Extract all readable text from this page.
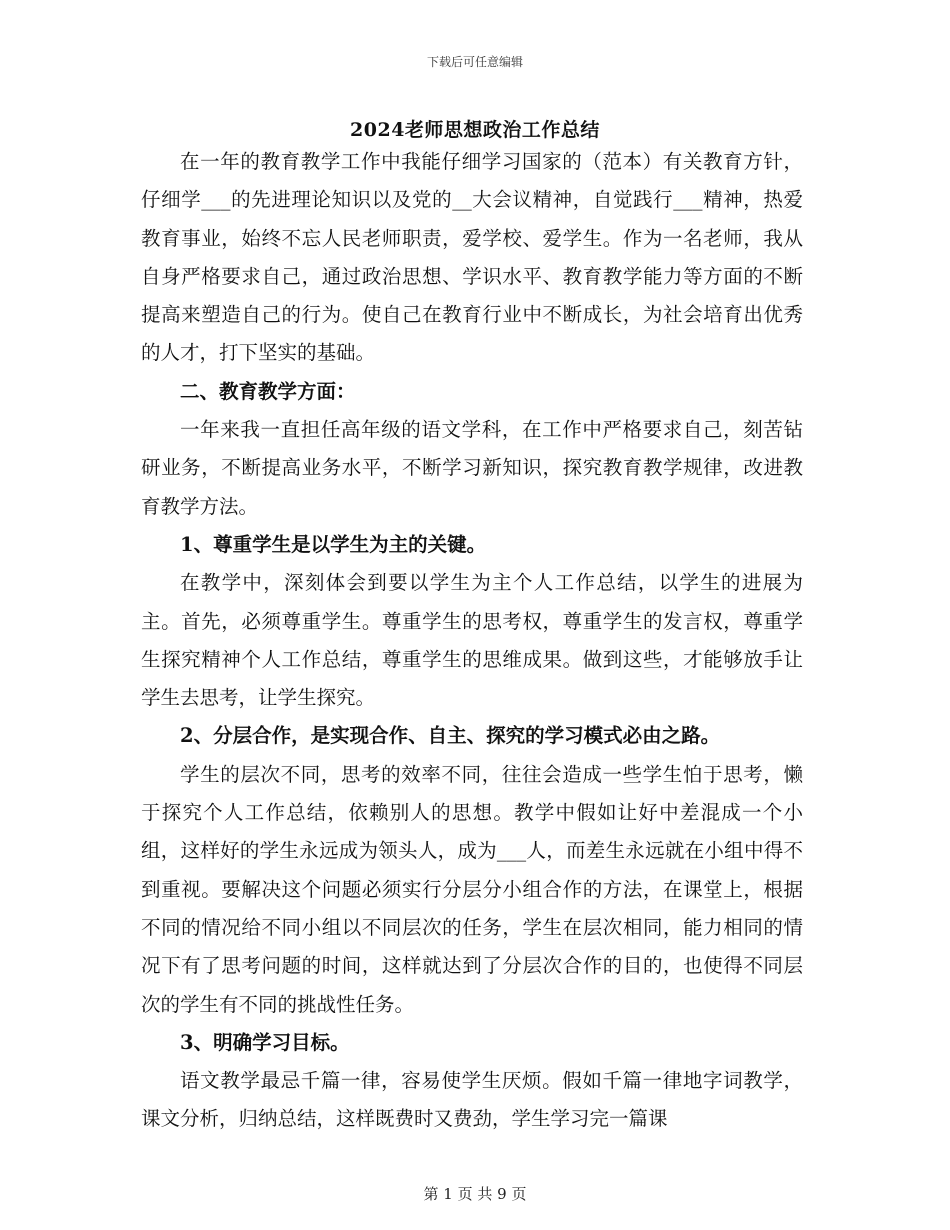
下载后可任意编辑
2024老师思想政治工作总结

在一年的教育教学工作中我能仔细学习国家的（范本）有关教育方针，仔细学___的先进理论知识以及党的__大会议精神，自觉践行___精神，热爱教育事业，始终不忘人民老师职责，爱学校、爱学生。作为一名老师，我从自身严格要求自己，通过政治思想、学识水平、教育教学能力等方面的不断提高来塑造自己的行为。使自己在教育行业中不断成长，为社会培育出优秀的人才，打下坚实的基础。

二、教育教学方面：

一年来我一直担任高年级的语文学科，在工作中严格要求自己，刻苦钻研业务，不断提高业务水平，不断学习新知识，探究教育教学规律，改进教育教学方法。

1、尊重学生是以学生为主的关键。

在教学中，深刻体会到要以学生为主个人工作总结，以学生的进展为主。首先，必须尊重学生。尊重学生的思考权，尊重学生的发言权，尊重学生探究精神个人工作总结，尊重学生的思维成果。做到这些，才能够放手让学生去思考，让学生探究。

2、分层合作，是实现合作、自主、探究的学习模式必由之路。

学生的层次不同，思考的效率不同，往往会造成一些学生怕于思考，懒于探究个人工作总结，依赖别人的思想。教学中假如让好中差混成一个小组，这样好的学生永远成为领头人，成为___人，而差生永远就在小组中得不到重视。要解决这个问题必须实行分层分小组合作的方法，在课堂上，根据不同的情况给不同小组以不同层次的任务，学生在层次相同，能力相同的情况下有了思考问题的时间，这样就达到了分层次合作的目的，也使得不同层次的学生有不同的挑战性任务。

3、明确学习目标。

语文教学最忌千篇一律，容易使学生厌烦。假如千篇一律地字词教学，课文分析，归纳总结，这样既费时又费劲，学生学习完一篇课

第 1 页 共 9 页
